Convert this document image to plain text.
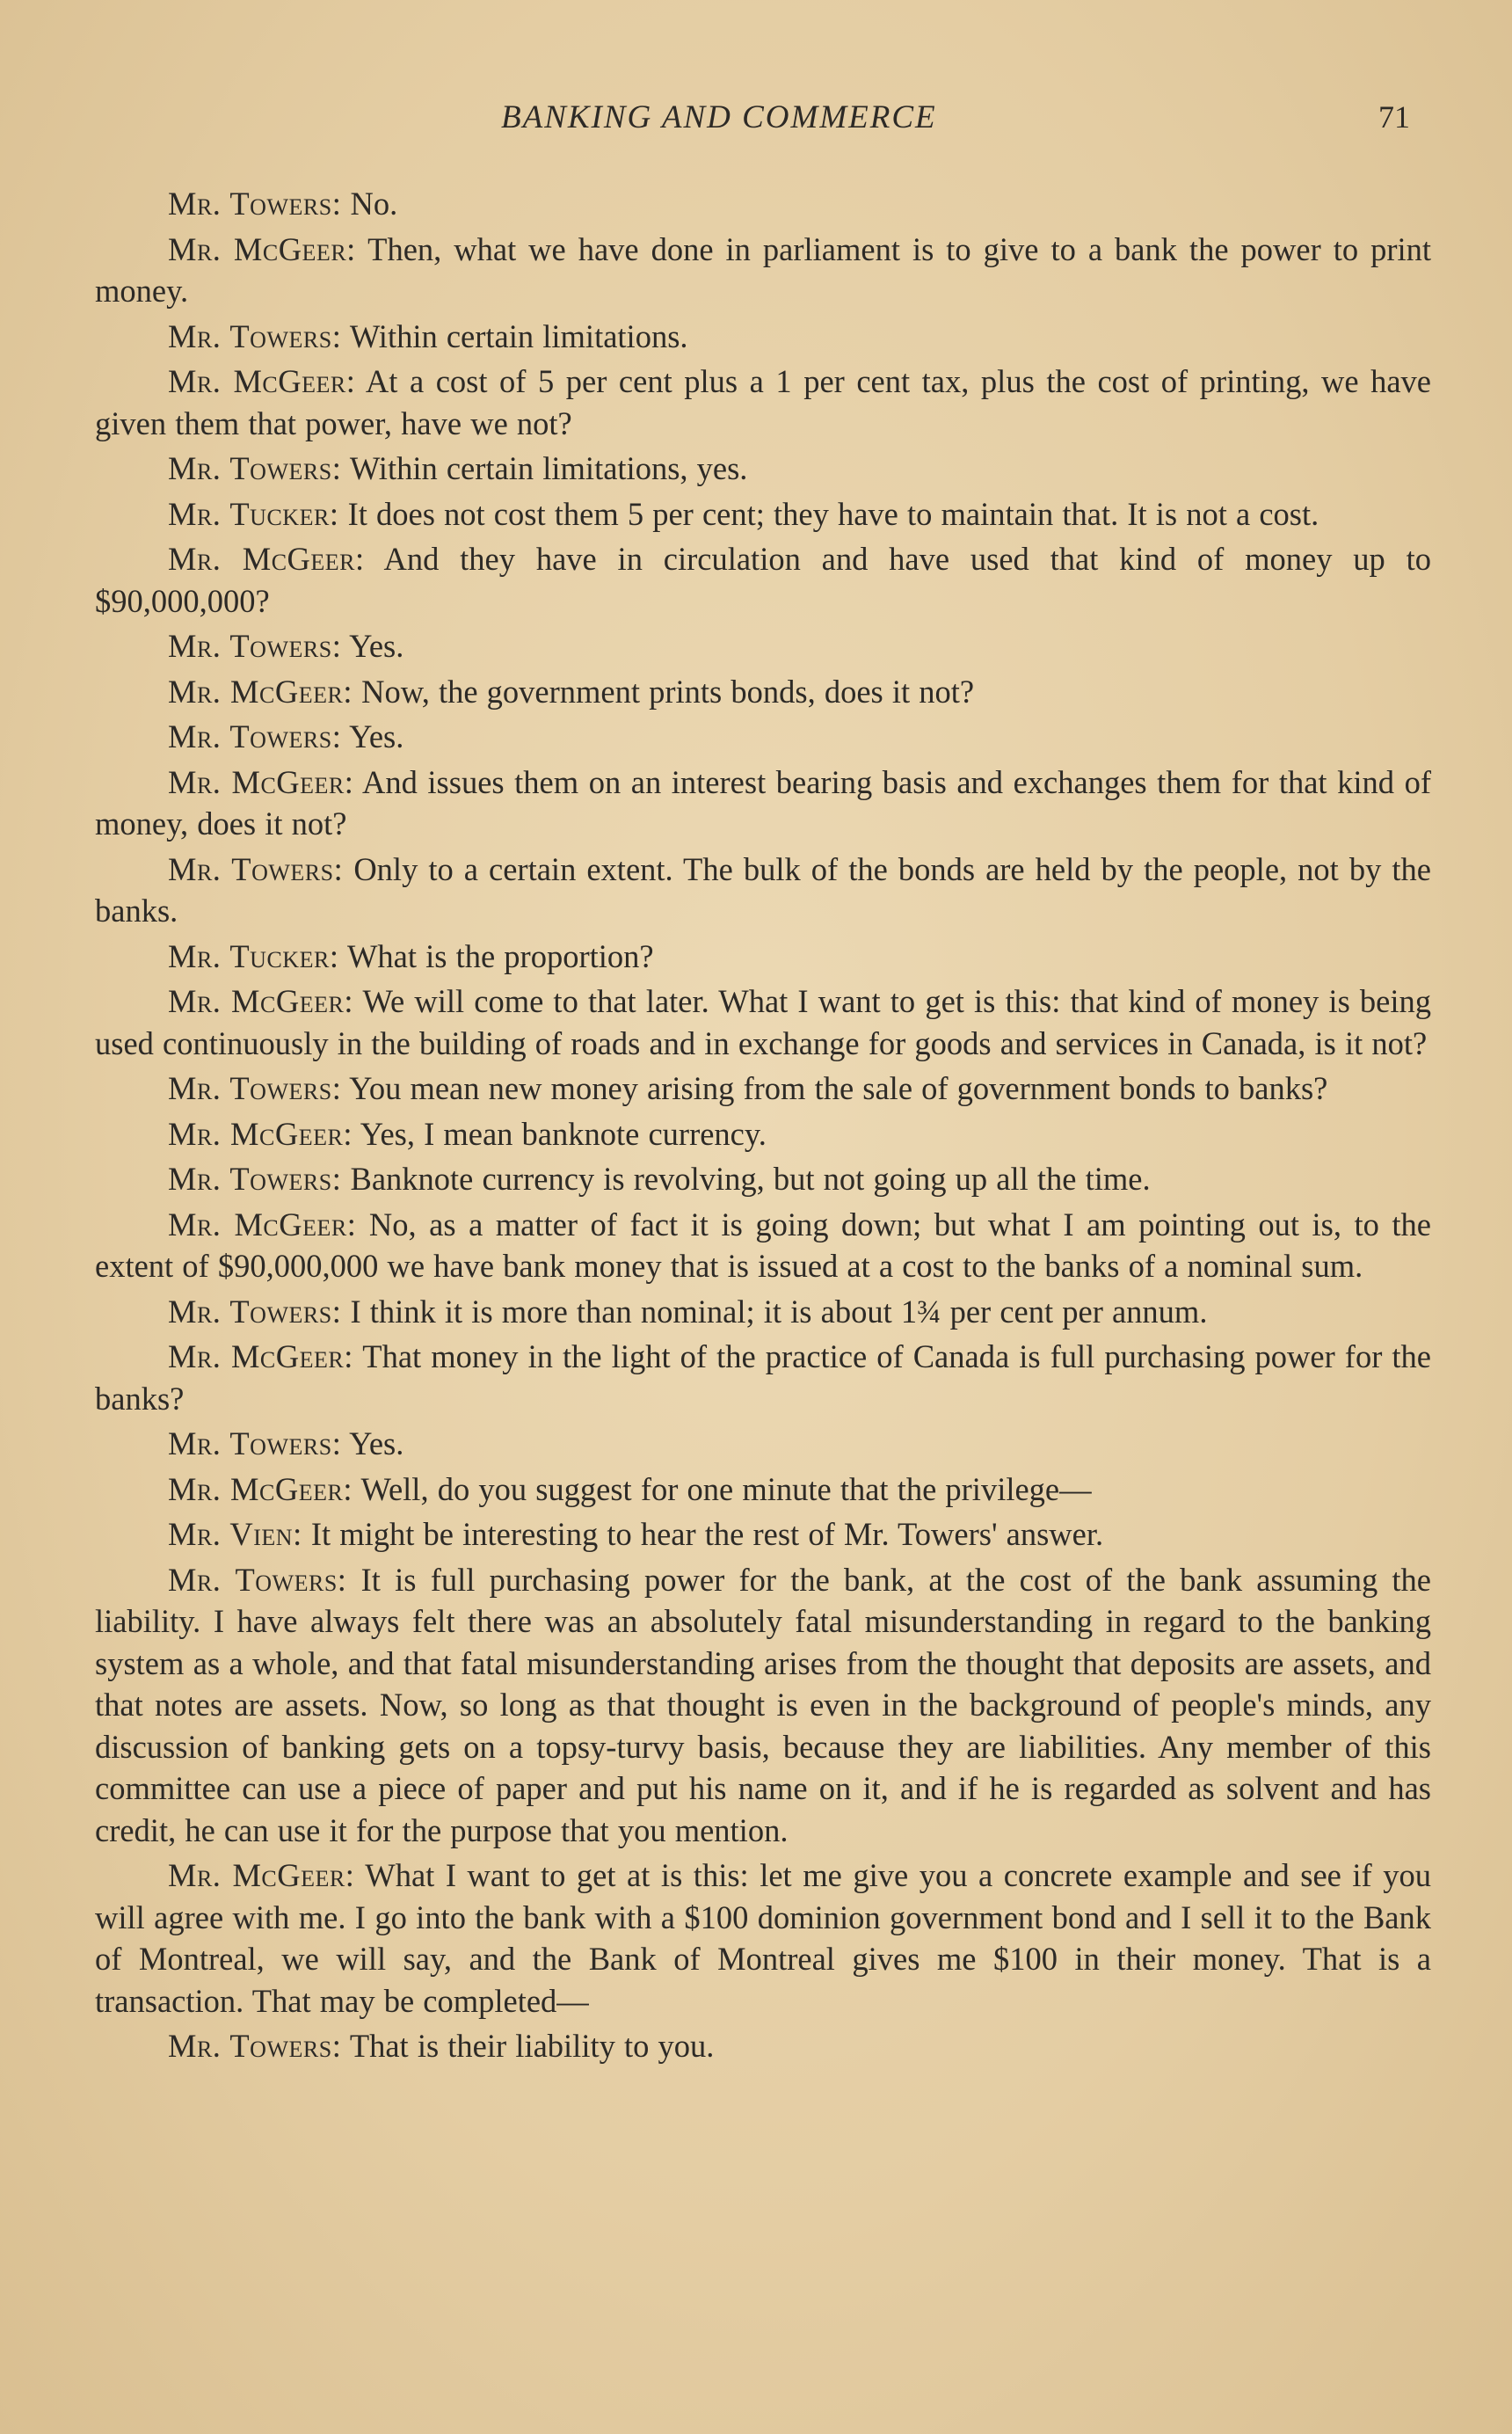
BANKING AND COMMERCE	71

Mr. Towers : No.

Mr. McGeer : Then, what we have done in parliament is to give to a bank the power to print money.

Mr. Towers : Within certain limitations.

Mr. McGeer : At a cost of 5 per cent plus a 1 per cent tax, plus the cost of printing, we have given them that power, have we not?

Mr. Towers : Within certain limitations, yes.

Mr. Tucker : It does not cost them 5 per cent; they have to maintain that. It is not a cost.

Mr. McGeer : And they have in circulation and have used that kind of money up to $90,000,000?

Mr. Towers : Yes.

Mr. McGeer : Now, the government prints bonds, does it not?

Mr. Towers : Yes.

Mr. McGeer : And issues them on an interest bearing basis and exchanges them for that kind of money, does it not?

Mr. Towers : Only to a certain extent. The bulk of the bonds are held by the people, not by the banks.

Mr. Tucker : What is the proportion?

Mr. McGeer : We will come to that later. What I want to get is this: that kind of money is being used continuously in the building of roads and in exchange for goods and services in Canada, is it not?

Mr. Towers : You mean new money arising from the sale of government bonds to banks?

Mr. McGeer : Yes, I mean banknote currency.

Mr. Towers : Banknote currency is revolving, but not going up all the time.

Mr. McGeer : No, as a matter of fact it is going down; but what I am pointing out is, to the extent of $90,000,000 we have bank money that is issued at a cost to the banks of a nominal sum.

Mr. Towers : I think it is more than nominal; it is about 1¾ per cent per annum.

Mr. McGeer : That money in the light of the practice of Canada is full purchasing power for the banks?

Mr. Towers : Yes.

Mr. McGeer : Well, do you suggest for one minute that the privilege—

Mr. Vien : It might be interesting to hear the rest of Mr. Towers' answer.

Mr. Towers : It is full purchasing power for the bank, at the cost of the bank assuming the liability. I have always felt there was an absolutely fatal misunderstanding in regard to the banking system as a whole, and that fatal misunderstanding arises from the thought that deposits are assets, and that notes are assets. Now, so long as that thought is even in the background of people's minds, any discussion of banking gets on a topsy-turvy basis, because they are liabilities. Any member of this committee can use a piece of paper and put his name on it, and if he is regarded as solvent and has credit, he can use it for the purpose that you mention.

Mr. McGeer : What I want to get at is this: let me give you a concrete example and see if you will agree with me. I go into the bank with a $100 dominion government bond and I sell it to the Bank of Montreal, we will say, and the Bank of Montreal gives me $100 in their money. That is a transaction. That may be completed—

Mr. Towers : That is their liability to you.
